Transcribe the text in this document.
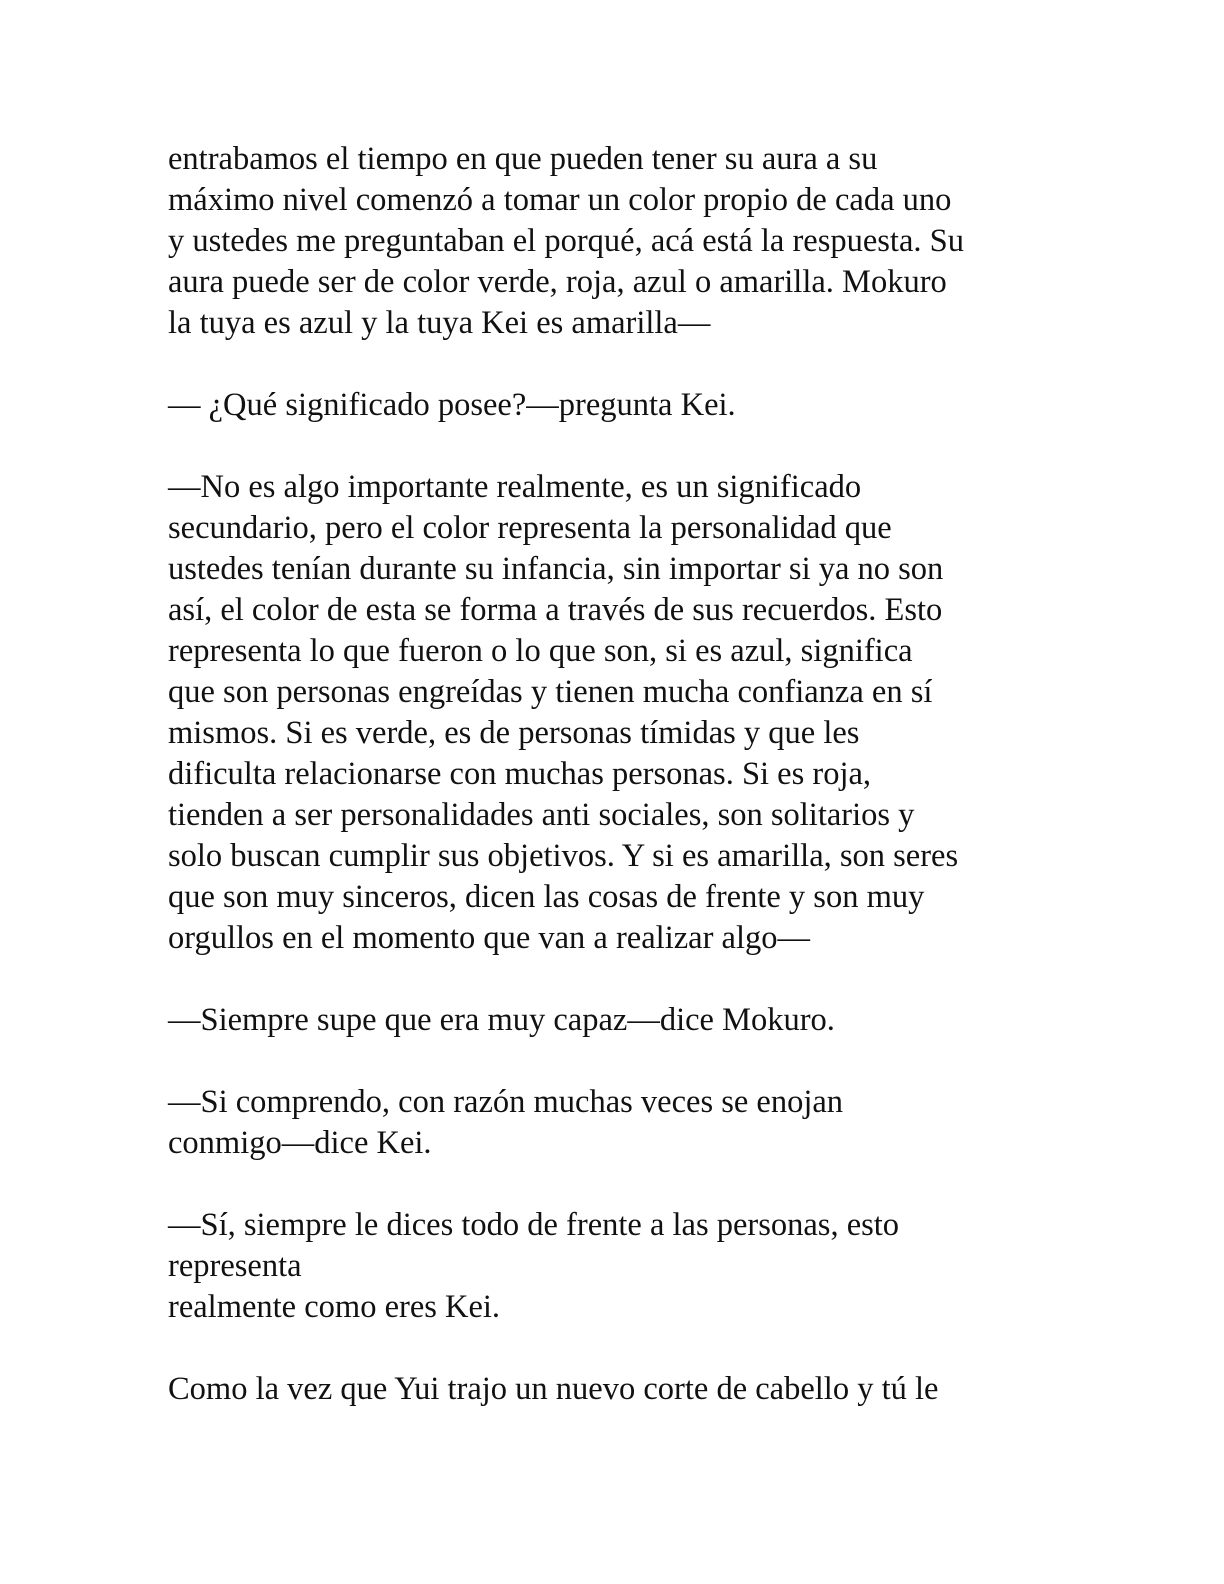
entrabamos el tiempo en que pueden tener su aura a su
máximo nivel comenzó a tomar un color propio de cada uno
y ustedes me preguntaban el porqué, acá está la respuesta. Su
aura puede ser de color verde, roja, azul o amarilla. Mokuro
la tuya es azul y la tuya Kei es amarilla—

— ¿Qué significado posee?—pregunta Kei.

—No es algo importante realmente, es un significado
secundario, pero el color representa la personalidad que
ustedes tenían durante su infancia, sin importar si ya no son
así, el color de esta se forma a través de sus recuerdos. Esto
representa lo que fueron o lo que son, si es azul, significa
que son personas engreídas y tienen mucha confianza en sí
mismos. Si es verde, es de personas tímidas y que les
dificulta relacionarse con muchas personas. Si es roja,
tienden a ser personalidades anti sociales, son solitarios y
solo buscan cumplir sus objetivos. Y si es amarilla, son seres
que son muy sinceros, dicen las cosas de frente y son muy
orgullos en el momento que van a realizar algo—

—Siempre supe que era muy capaz—dice Mokuro.

—Si comprendo, con razón muchas veces se enojan
conmigo—dice Kei.

—Sí, siempre le dices todo de frente a las personas, esto
representa
realmente como eres Kei.

Como la vez que Yui trajo un nuevo corte de cabello y tú le
